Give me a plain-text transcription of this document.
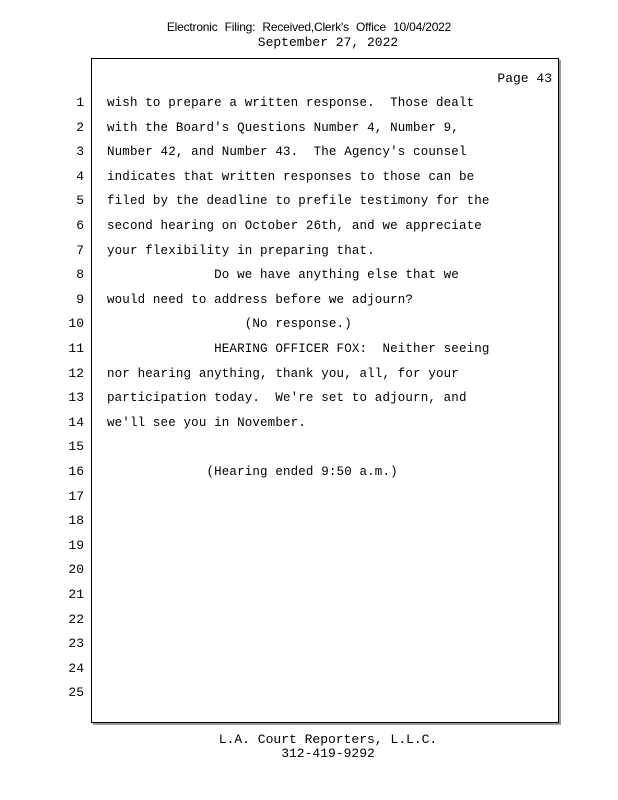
Electronic Filing: Received,Clerk's Office 10/04/2022
September 27, 2022
Page 43
1 wish to prepare a written response.  Those dealt
2 with the Board's Questions Number 4, Number 9,
3 Number 42, and Number 43.  The Agency's counsel
4 indicates that written responses to those can be
5 filed by the deadline to prefile testimony for the
6 second hearing on October 26th, and we appreciate
7 your flexibility in preparing that.
8 Do we have anything else that we
9 would need to address before we adjourn?
10 (No response.)
11 HEARING OFFICER FOX:  Neither seeing
12 nor hearing anything, thank you, all, for your
13 participation today.  We're set to adjourn, and
14 we'll see you in November.
15
16 (Hearing ended 9:50 a.m.)
17
18
19
20
21
22
23
24
25
L.A. Court Reporters, L.L.C.
312-419-9292
